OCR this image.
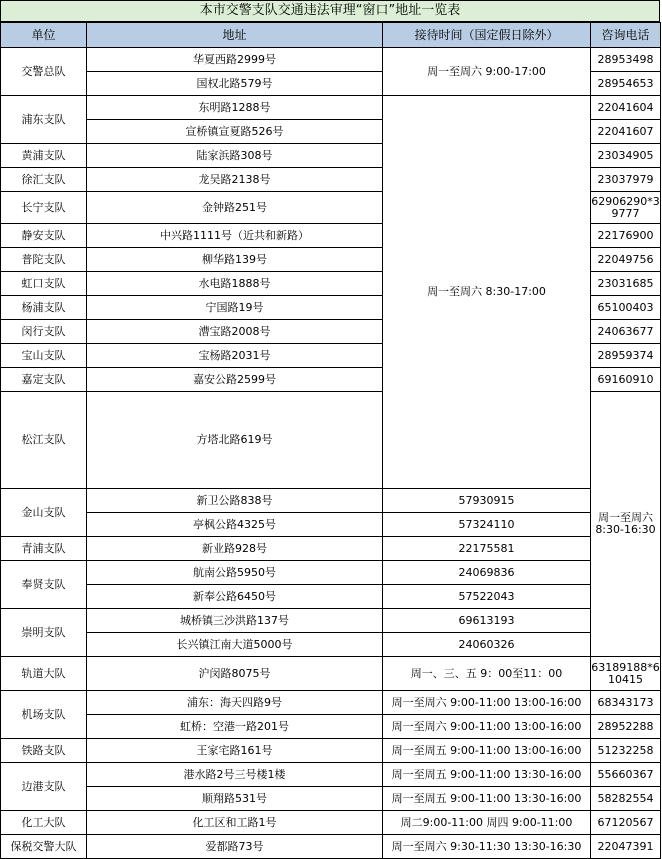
本市交警支队交通违法审理“窗口”地址一览表
单位	地址	接待时间（国定假日除外）	咨询电话	
交警总队	华夏西路2999号	周一至周六 9:00-17:00	28953498	
	国权北路579号		28954653	
浦东支队	东明路1288号	周一至周六 8:30-17:00	22041604	
	宣桥镇宣夏路526号		22041607	
黄浦支队	陆家浜路308号		23034905	
徐汇支队	龙吴路2138号		23037979	
长宁支队	金钟路251号		62906290*39777	
静安支队	中兴路1111号（近共和新路）		22176900	
普陀支队	柳华路139号		22049756	
虹口支队	水电路1888号		23031685	
杨浦支队	宁国路19号		65100403	
闵行支队	漕宝路2008号		24063677	
宝山支队	宝杨路2031号		28959374	
嘉定支队	嘉安公路2599号		69160910	
松江支队	方塔北路619号		周一至周六 8:30-16:30	
金山支队	新卫公路838号	57930915		
	亭枫公路4325号	57324110		
青浦支队	新业路928号	22175581		
奉贤支队	航南公路5950号	24069836		
	新奉公路6450号	57522043		
崇明支队	城桥镇三沙洪路137号	69613193		
	长兴镇江南大道5000号	24060326		
轨道大队	沪闵路8075号	周一、三、五 9：00至11：00	63189188*610415	
机场支队	浦东：海天四路9号	周一至周六 9:00-11:00 13:00-16:00	68343173	
	虹桥：空港一路201号	周一至周六 9:00-11:00 13:00-16:00	28952288	
铁路支队	王家宅路161号	周一至周五 9:00-11:00 13:00-16:00	51232258	
边港支队	港水路2号三号楼1楼	周一至周五 9:00-11:00 13:30-16:00	55660367	
	顺翔路531号	周一至周五 9:00-11:00 13:30-16:00	58282554	
化工大队	化工区和工路1号	周二9:00-11:00 周四 9:00-11:00	67120567	
保税交警大队	爱都路73号	周一至周六 9:30-11:30 13:30-16:30	22047391	
